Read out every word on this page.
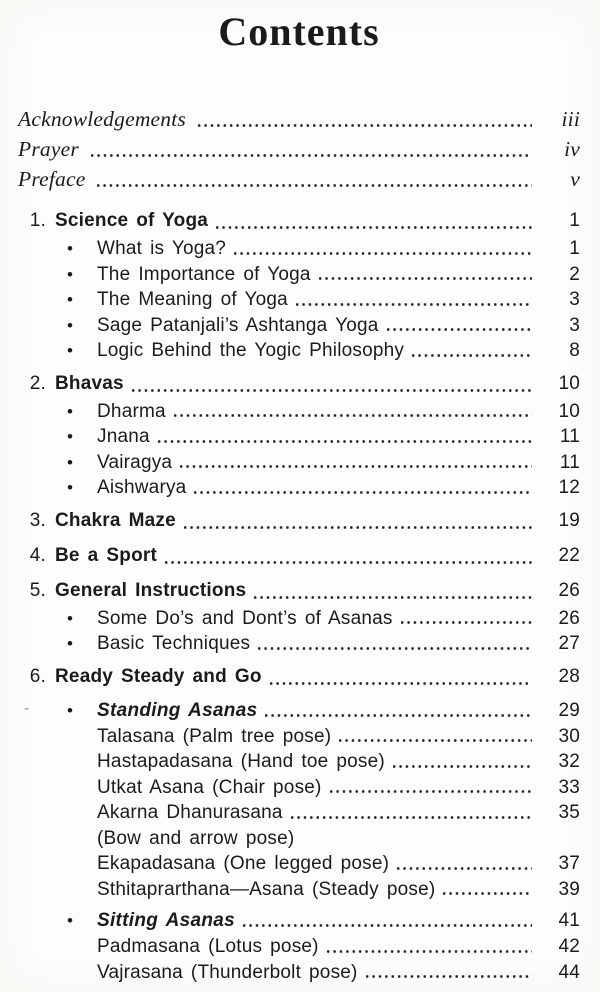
Contents
Acknowledgements	iii
Prayer	iv
Preface	v
1. Science of Yoga	1
•	What is Yoga?	1
•	The Importance of Yoga	2
•	The Meaning of Yoga	3
•	Sage Patanjali’s Ashtanga Yoga	3
•	Logic Behind the Yogic Philosophy	8
2. Bhavas	10
•	Dharma	10
•	Jnana	11
•	Vairagya	11
•	Aishwarya	12
3. Chakra Maze	19
4. Be a Sport	22
5. General Instructions	26
•	Some Do’s and Dont’s of Asanas	26
•	Basic Techniques	27
6. Ready Steady and Go	28
•	Standing Asanas	29
Talasana (Palm tree pose)	30
Hastapadasana (Hand toe pose)	32
Utkat Asana (Chair pose)	33
Akarna Dhanurasana	35
(Bow and arrow pose)
Ekapadasana (One legged pose)	37
Sthitaprarthana—Asana (Steady pose)	39
•	Sitting Asanas	41
Padmasana (Lotus pose)	42
Vajrasana (Thunderbolt pose)	44
-
